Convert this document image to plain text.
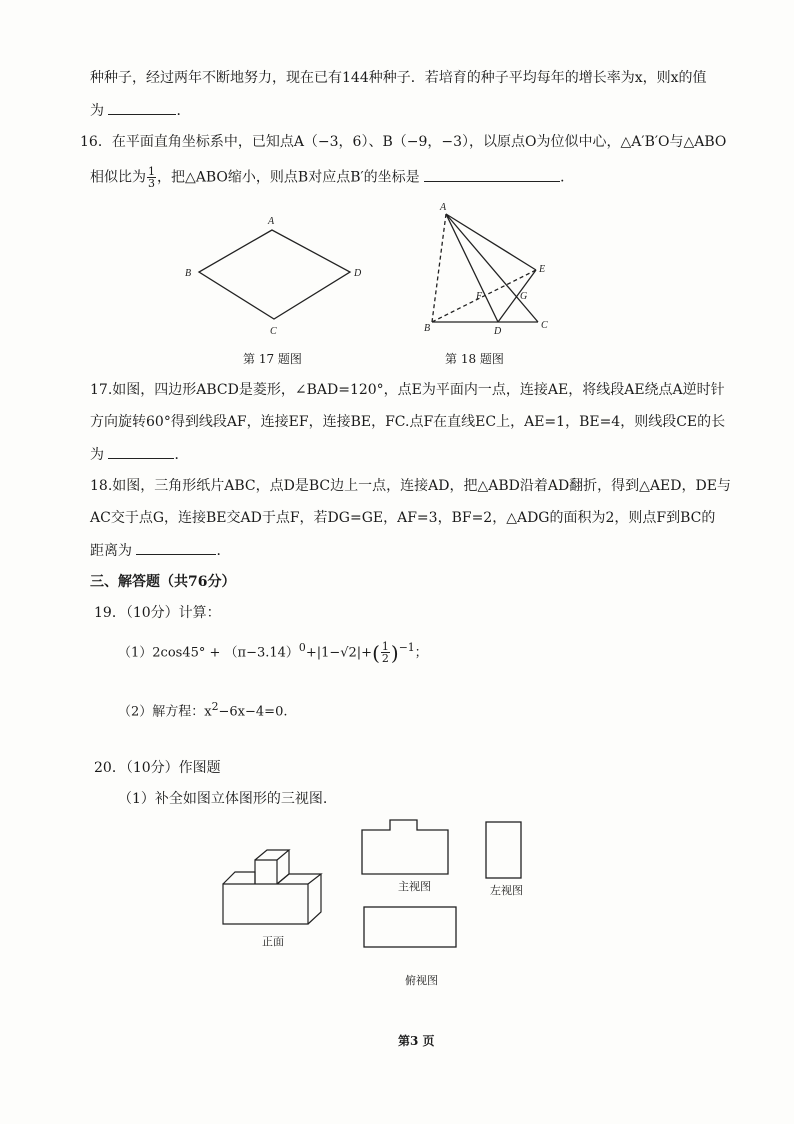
种种子，经过两年不断地努力，现在已有144种种子．若培育的种子平均每年的增长率为x，则x的值
为	．
16．在平面直角坐标系中，已知点A（−3，6）、B（−9，−3），以原点O为位似中心，△A′B′O与△ABO
相似比为 $\frac{1}{3}$ ，把△ABO缩小，则点B对应点B′的坐标是	．
A
B
C
D
第 17 题图
A
B	C
D
E
F	G
第 18 题图
17.如图，四边形ABCD是菱形，∠BAD=120°，点E为平面内一点，连接AE，将线段AE绕点A逆时针
方向旋转60°得到线段AF，连接EF，连接BE，FC.点F在直线EC上，AE=1，BE=4，则线段CE的长
为	．
18.如图，三角形纸片ABC，点D是BC边上一点，连接AD，把△ABD沿着AD翻折，得到△AED，DE与
AC交于点G，连接BE交AD于点F，若DG=GE，AF=3，BF=2，△ADG的面积为2，则点F到BC的
距离为	．
三、解答题（共76分）
19．（10分）计算：
$(1)2\cos 45^\circ + (\pi-3.14)^0+|1-√2|+( \frac{1}{2} )^{-1}$；
（2）解方程：$x^2-6x-4=0$.
20．（10分）作图题
（1）补全如图立体图形的三视图.
正面
主视图	左视图
俯视图
第3 页
